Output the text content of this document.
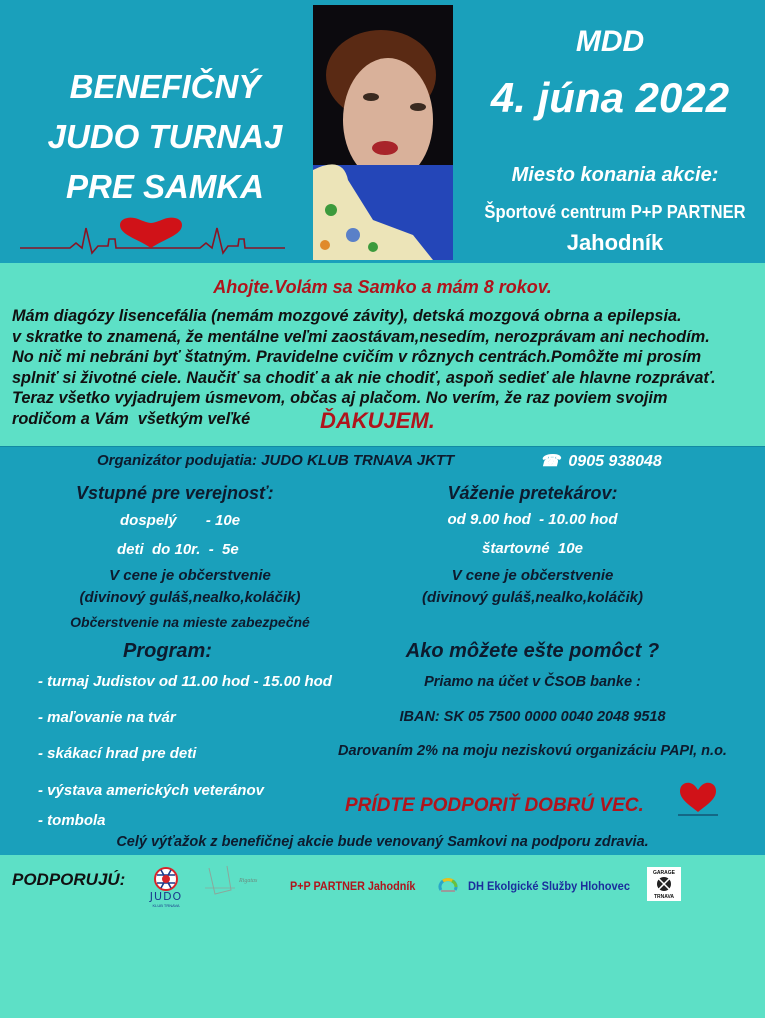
BENEFIČNÝ
JUDO TURNAJ
PRE SAMKA
MDD
4. júna 2022
Miesto konania akcie:
Športové centrum P+P PARTNER
Jahodník
Ahojte.Volám sa Samko a mám 8 rokov.
Mám diagózy lisencefália (nemám mozgové závity), detská mozgová obrna a epilepsia.
v skratke to znamená, že mentálne veľmi zaostávam,nesedím, nerozprávam ani nechodím.
No nič mi nebráni byť štatným. Pravidelne cvičím v rôznych centrách.Pomôžte mi prosím
splniť si životné ciele. Naučiť sa chodiť a ak nie chodiť, aspoň sedieť ale hlavne rozprávať.
Teraz všetko vyjadrujem úsmevom, občas aj plačom. No verím, že raz poviem svojim
rodičom a Vám  všetkým veľké	ĎAKUJEM.
Organizátor podujatia: JUDO KLUB TRNAVA JKTT	☎ 0905 938048
Vstupné pre verejnosť:
dospelý       - 10e
deti  do 10r.  -  5e
V cene je občerstvenie
(divinový guláš,nealko,koláčik)
Občerstvenie na mieste zabezpečné
Váženie pretekárov:
od 9.00 hod  - 10.00 hod
štartovné  10e
V cene je občerstvenie
(divinový guláš,nealko,koláčik)
Program:
- turnaj Judistov od 11.00 hod - 15.00 hod
- maľovanie na tvár
- skákací hrad pre deti
- výstava amerických veteránov
- tombola
Ako môžete ešte pomôct ?
Priamo na účet v ČSOB banke :
IBAN: SK 05 7500 0000 0040 2048 9518
Darovaním 2% na moju neziskovú organizáciu PAPI, n.o.
PRÍDTE PODPORIŤ DOBRÚ VEC.
Celý výťažok z benefičnej akcie bude venovaný Samkovi na podporu zdravia.
PODPORUJÚ:
JUDO
KLUB TRNAVA
Rigatas	P+P PARTNER Jahodník	DH Ekolgické Služby Hlohovec
GARAGE
TRNAVA
